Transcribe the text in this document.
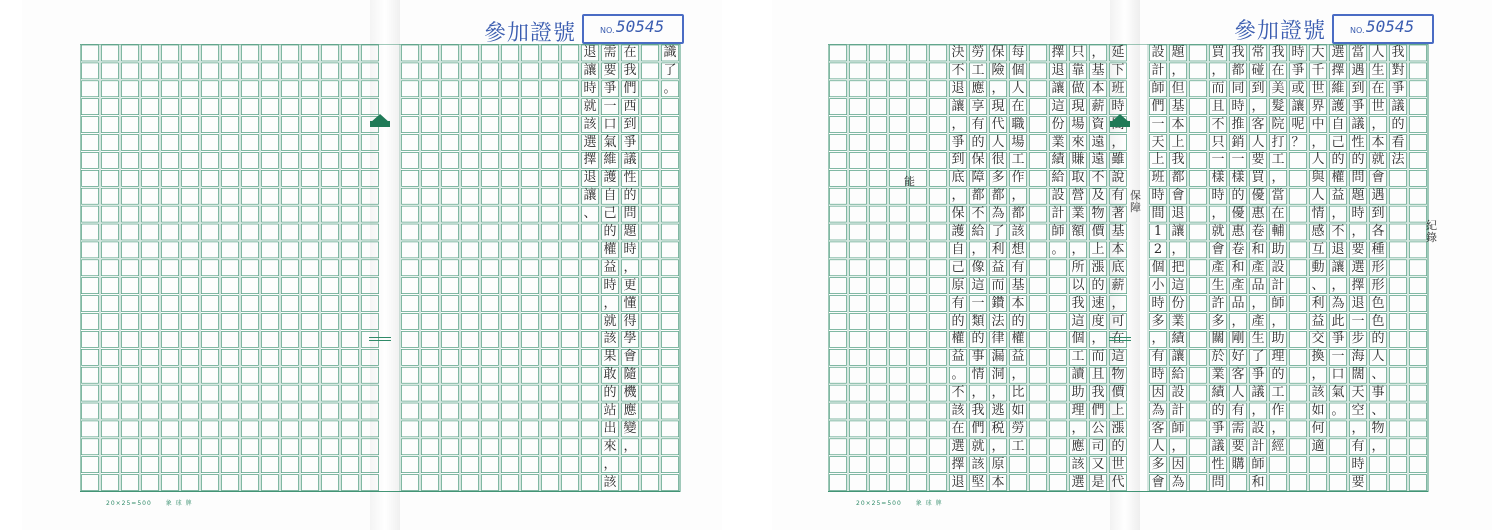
參加證號	NO. 50545
識
了
。
在
我
們
西
到
爭
議
性
的
問
題
時
，
更
懂
得
學
會
隨
機
應
變
，
需
要
爭
一
口
氣
維
護
自
己
的
權
益
時
，
就
該
果
敢
的
站
出
來
，
該
退
讓
時
就
該
選
擇
退
讓
、
20×25=500　　象 球 牌
參加證號	NO. 50545
我
對
爭
議
的
看
法
人
生
在
世
，
本
就
會
遇
到
各
種
形
形
色
色
的
人
、
事
、
物
，
當
遇
到
爭
議
性
的
問
題
時
，
要
選
擇
退
一
步
海
闊
天
空
，
有
時
要
選
擇
維
護
自
己
的
權
益
，
不
退
讓
，
為
此
爭
一
口
氣
。
大
千
世
界
中
，
人
與
人
情
感
互
動
、
利
益
交
換
，
該
如
何
適
時
爭
或
讓
呢
？
我
在
美
髮
院
打
工
，
當
在
輔
助
設
計
師
，
助
理
的
工
作
，
經
常
碰
到
，
客
人
要
買
優
惠
卷
和
產
品
，
產
生
了
爭
議
，
設
計
師
和
我
都
同
時
推
銷
一
樣
的
優
惠
卷
和
產
品
，
剛
好
客
人
有
需
要
購
買
，
而
且
不
只
一
樣
時
，
就
會
產
生
許
多
關
於
業
績
的
爭
議
性
問
題
，
但
基
本
上
我
都
會
退
讓
，
把
這
份
業
績
讓
給
設
計
師
，
因
為
設
計
師
們
一
天
上
班
時
間
1
2
個
小
時
多
，
有
時
因
為
客
人
多
會
延
下
班
時
，
雖
說
有
著
基
本
底
薪
，
可
在
這
物
價
上
漲
的
世
代
，
基
本
薪
資
遠
遠
不
及
物
價
上
漲
的
速
度
，
而
且
我
們
公
司
又
是
只
靠
做
現
場
來
賺
取
營
業
額
，
所
以
我
這
個
工
讀
助
理
，
應
該
選
擇
退
讓
這
份
業
績
給
設
計
師
。
每
個
人
在
職
場
工
作
，
都
該
想
有
基
本
的
權
益
，
比
如
勞
工
保
險
，
現
代
人
很
多
都
為
了
利
益
而
鑽
法
律
漏
洞
，
逃
税
，
原
本
勞
工
應
享
有
的
保
障
都
不
給
，
像
這
一
類
的
事
情
，
我
們
就
該
堅
決
不
退
讓
，
爭
到
底
，
保
護
自
己
原
有
的
權
益
。
不
該
在
選
擇
退
保障
紀錄
能
20×25=500　　象 球 牌
